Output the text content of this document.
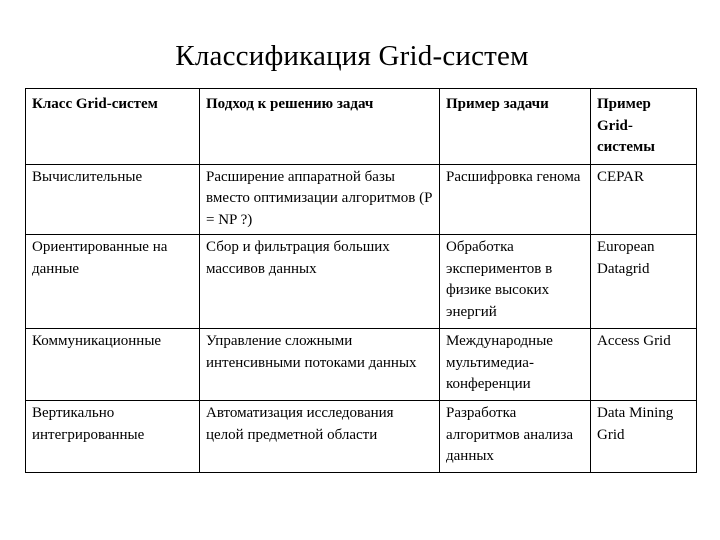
Классификация Grid-систем
Класс Grid-систем	Подход к решению задач	Пример задачи	Пример Grid-системы
Вычислительные	Расширение аппаратной базы вместо оптимизации алгоритмов (P = NP ?)	Расшифровка генома	CEPAR
Ориентированные на данные	Сбор и фильтрация больших массивов данных	Обработка экспериментов в физике высоких энергий	European Datagrid
Коммуникационные	Управление сложными интенсивными потоками данных	Международные мультимедиа-конференции	Access Grid
Вертикально интегрированные	Автоматизация исследования целой предметной области	Разработка алгоритмов анализа данных	Data Mining Grid
